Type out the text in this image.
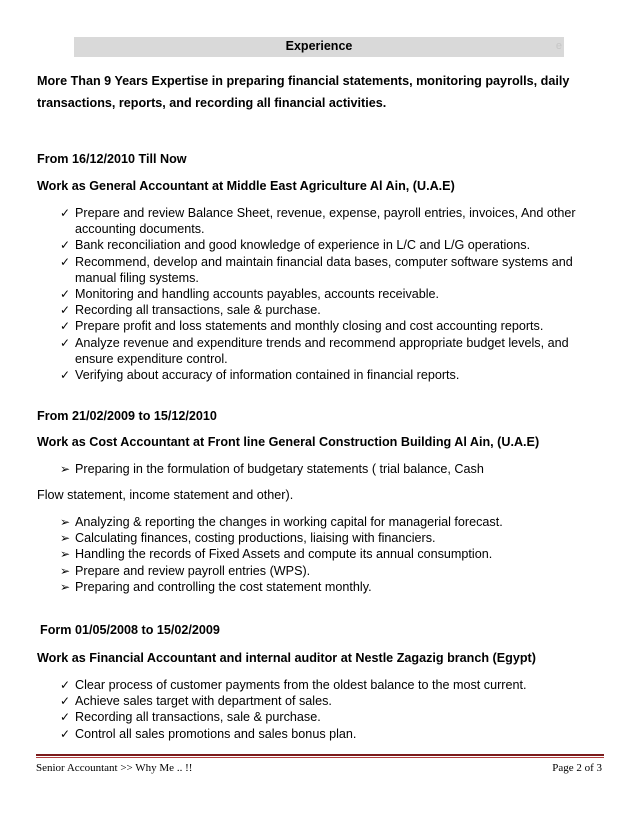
Experience	e
More Than 9 Years Expertise in preparing financial statements, monitoring payrolls, daily transactions, reports, and recording all financial activities.
From 16/12/2010 Till Now
Work as General Accountant at Middle East Agriculture Al Ain, (U.A.E)
✓ Prepare and review Balance Sheet, revenue, expense, payroll entries, invoices, And other accounting documents.
✓ Bank reconciliation and good knowledge of experience in L/C and L/G operations.
✓ Recommend, develop and maintain financial data bases, computer software systems and manual filing systems.
✓ Monitoring and handling accounts payables, accounts receivable.
✓ Recording all transactions, sale & purchase.
✓ Prepare profit and loss statements and monthly closing and cost accounting reports.
✓ Analyze revenue and expenditure trends and recommend appropriate budget levels, and ensure expenditure control.
✓ Verifying about accuracy of information contained in financial reports.
From 21/02/2009 to 15/12/2010
Work as Cost Accountant at Front line General Construction Building Al Ain, (U.A.E)
➢ Preparing in the formulation of budgetary statements ( trial balance, Cash
Flow statement, income statement and other).
➢ Analyzing & reporting the changes in working capital for managerial forecast.
➢ Calculating finances, costing productions, liaising with financiers.
➢ Handling the records of Fixed Assets and compute its annual consumption.
➢ Prepare and review payroll entries (WPS).
➢ Preparing and controlling the cost statement monthly.
Form 01/05/2008 to 15/02/2009
Work as Financial Accountant and internal auditor at Nestle Zagazig branch (Egypt)
✓ Clear process of customer payments from the oldest balance to the most current.
✓ Achieve sales target with department of sales.
✓ Recording all transactions, sale & purchase.
✓ Control all sales promotions and sales bonus plan.
Senior Accountant >> Why Me .. !!	Page 2 of 3
